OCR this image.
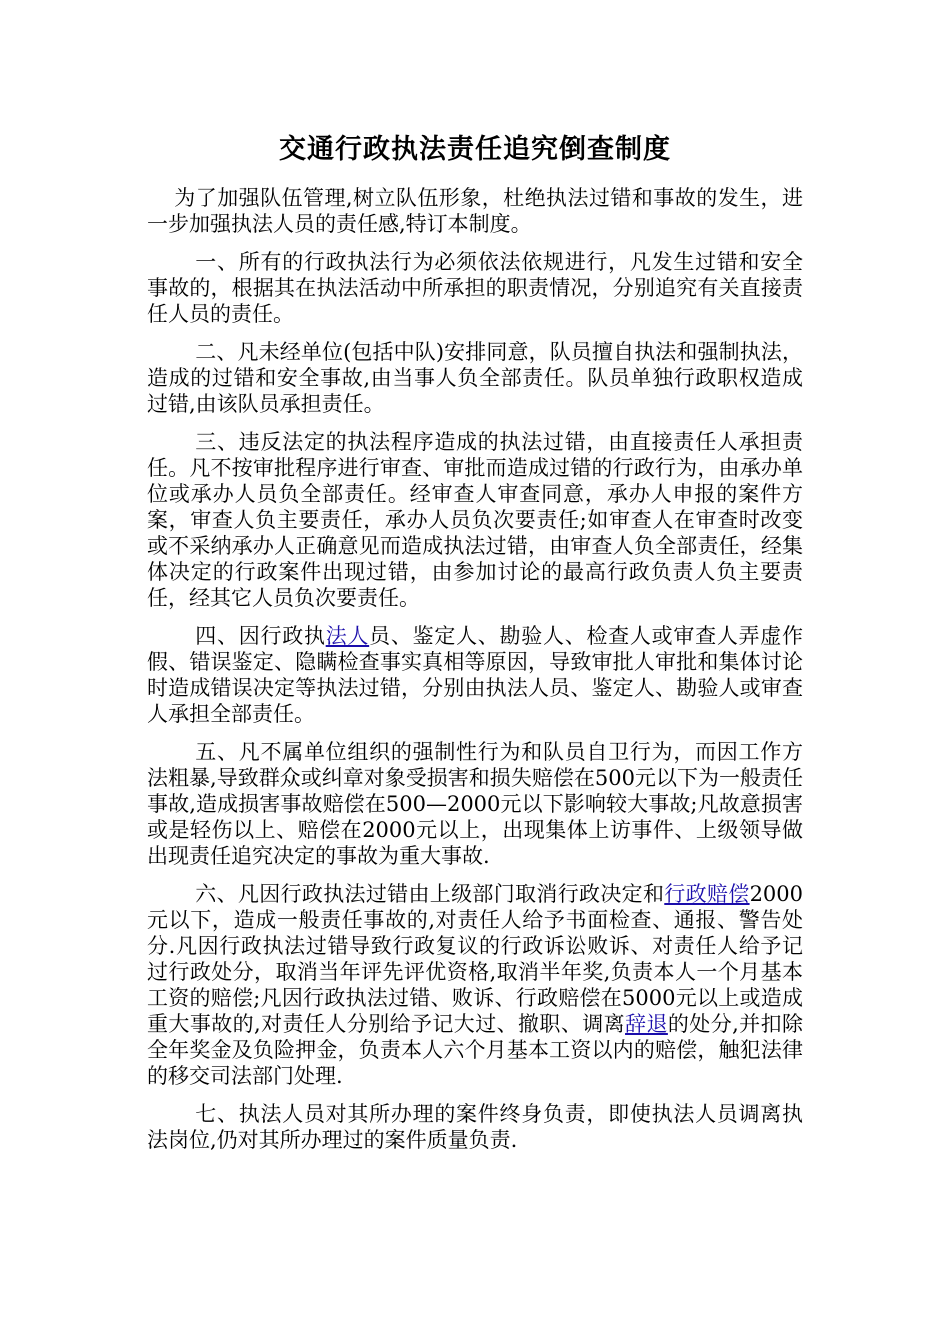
交通行政执法责任追究倒查制度

为了加强队伍管理,树立队伍形象，杜绝执法过错和事故的发生，进一步加强执法人员的责任感,特订本制度。

一、所有的行政执法行为必须依法依规进行，凡发生过错和安全事故的，根据其在执法活动中所承担的职责情况，分别追究有关直接责任人员的责任。

二、凡未经单位(包括中队)安排同意，队员擅自执法和强制执法，造成的过错和安全事故,由当事人负全部责任。队员单独行政职权造成过错,由该队员承担责任。

三、违反法定的执法程序造成的执法过错，由直接责任人承担责任。凡不按审批程序进行审查、审批而造成过错的行政行为，由承办单位或承办人员负全部责任。经审查人审查同意，承办人申报的案件方案，审查人负主要责任，承办人员负次要责任;如审查人在审查时改变或不采纳承办人正确意见而造成执法过错，由审查人负全部责任，经集体决定的行政案件出现过错，由参加讨论的最高行政负责人负主要责任，经其它人员负次要责任。

四、因行政执法人员、鉴定人、勘验人、检查人或审查人弄虚作假、错误鉴定、隐瞒检查事实真相等原因，导致审批人审批和集体讨论时造成错误决定等执法过错，分别由执法人员、鉴定人、勘验人或审查人承担全部责任。

五、凡不属单位组织的强制性行为和队员自卫行为，而因工作方法粗暴,导致群众或纠章对象受损害和损失赔偿在500元以下为一般责任事故,造成损害事故赔偿在500—2000元以下影响较大事故;凡故意损害或是轻伤以上、赔偿在2000元以上，出现集体上访事件、上级领导做出现责任追究决定的事故为重大事故.

六、凡因行政执法过错由上级部门取消行政决定和行政赔偿2000元以下，造成一般责任事故的,对责任人给予书面检查、通报、警告处分.凡因行政执法过错导致行政复议的行政诉讼败诉、对责任人给予记过行政处分，取消当年评先评优资格,取消半年奖,负责本人一个月基本工资的赔偿;凡因行政执法过错、败诉、行政赔偿在5000元以上或造成重大事故的,对责任人分别给予记大过、撤职、调离辞退的处分,并扣除全年奖金及负险押金，负责本人六个月基本工资以内的赔偿，触犯法律的移交司法部门处理.

七、执法人员对其所办理的案件终身负责，即使执法人员调离执法岗位,仍对其所办理过的案件质量负责.
